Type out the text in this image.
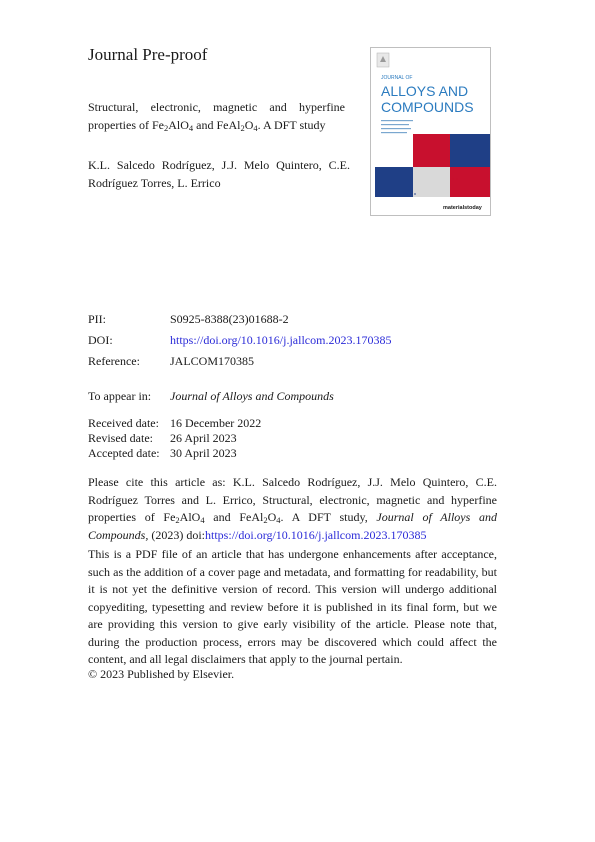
Journal Pre-proof
Structural, electronic, magnetic and hyperfine properties of $Fe_2AlO_4$ and $FeAl_2O_4$. A DFT study
K.L. Salcedo Rodríguez, J.J. Melo Quintero, C.E. Rodríguez Torres, L. Errico
JOURNAL OF
ALLOYS AND
COMPOUNDS
materialstoday
PII:	S0925-8388(23)01688-2
DOI:	https://doi.org/10.1016/j.jallcom.2023.170385
Reference:	JALCOM170385
To appear in: Journal of Alloys and Compounds
Received date: 16 December 2022
Revised date: 26 April 2023
Accepted date: 30 April 2023
Please cite this article as: K.L. Salcedo Rodríguez, J.J. Melo Quintero, C.E. Rodríguez Torres and L. Errico, Structural, electronic, magnetic and hyperfine properties of $Fe_2AlO_4$ and $FeAl_2O_4$. A DFT study, Journal of Alloys and Compounds, (2023) doi:https://doi.org/10.1016/j.jallcom.2023.170385
This is a PDF file of an article that has undergone enhancements after acceptance, such as the addition of a cover page and metadata, and formatting for readability, but it is not yet the definitive version of record. This version will undergo additional copyediting, typesetting and review before it is published in its final form, but we are providing this version to give early visibility of the article. Please note that, during the production process, errors may be discovered which could affect the content, and all legal disclaimers that apply to the journal pertain.
© 2023 Published by Elsevier.
